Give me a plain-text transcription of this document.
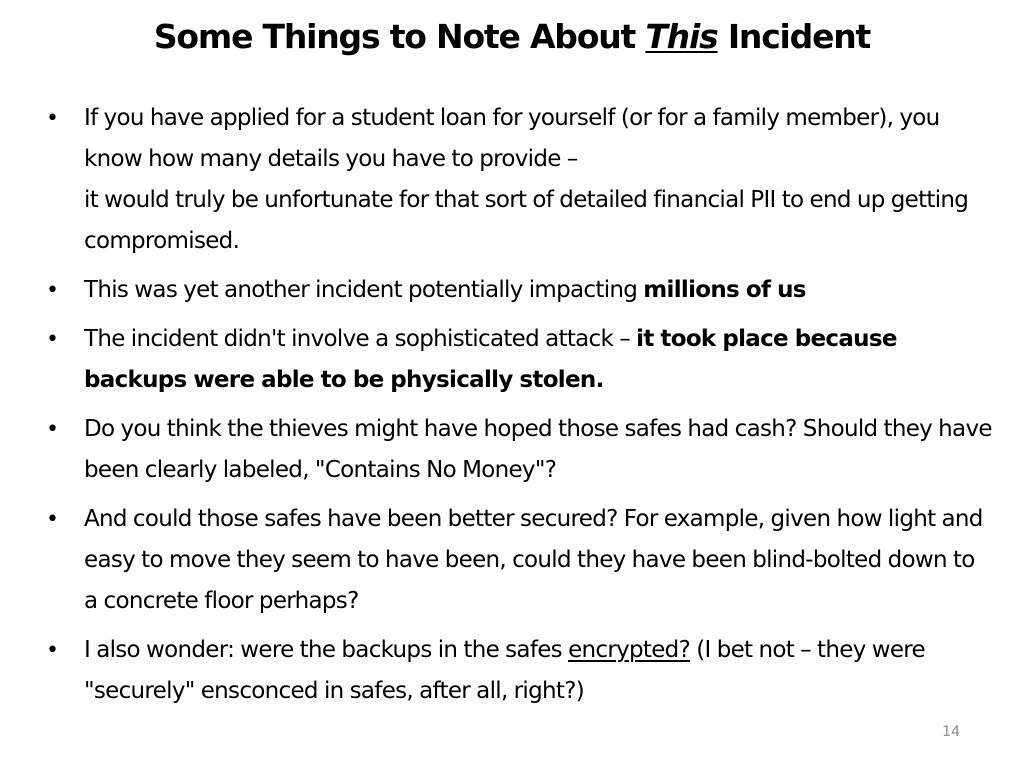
Some Things to Note About This Incident
• If you have applied for a student loan for yourself (or for a family member), you know how many details you have to provide –
it would truly be unfortunate for that sort of detailed financial PII to end up getting compromised.
• This was yet another incident potentially impacting millions of us
• The incident didn't involve a sophisticated attack – it took place because backups were able to be physically stolen.
• Do you think the thieves might have hoped those safes had cash? Should they have been clearly labeled, "Contains No Money"?
• And could those safes have been better secured? For example, given how light and easy to move they seem to have been, could they have been blind-bolted down to a concrete floor perhaps?
• I also wonder: were the backups in the safes encrypted? (I bet not – they were "securely" ensconced in safes, after all, right?)
14
